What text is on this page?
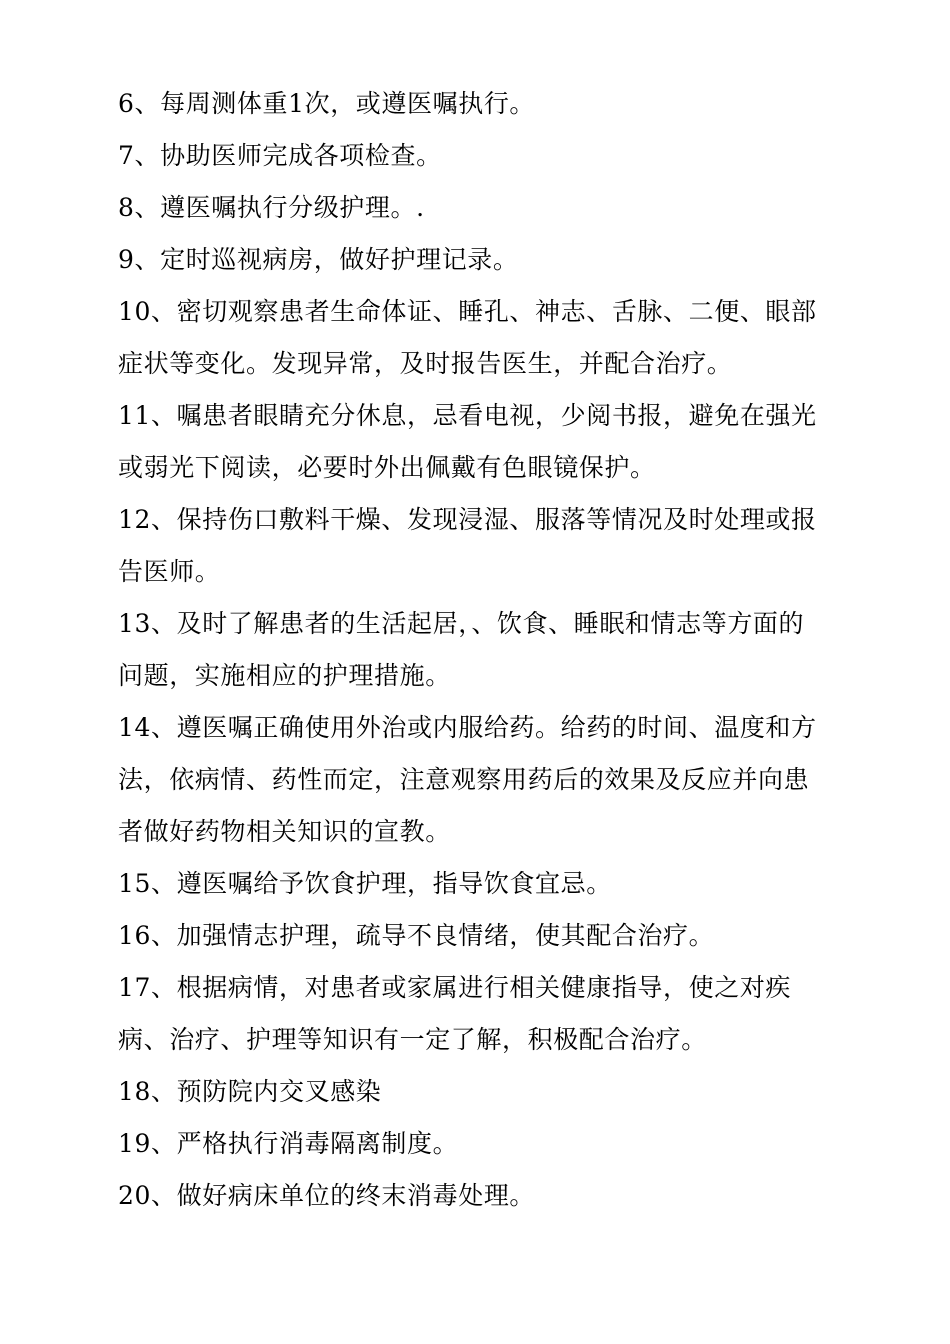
6、每周测体重1次，或遵医嘱执行。

7、协助医师完成各项检查。

8、遵医嘱执行分级护理。.

9、定时巡视病房，做好护理记录。

10、密切观察患者生命体证、睡孔、神志、舌脉、二便、眼部症状等变化。发现异常，及时报告医生，并配合治疗。

11、嘱患者眼睛充分休息，忌看电视，少阅书报，避免在强光或弱光下阅读，必要时外出佩戴有色眼镜保护。

12、保持伤口敷料干燥、发现浸湿、服落等情况及时处理或报告医师。

13、及时了解患者的生活起居，、饮食、睡眠和情志等方面的问题，实施相应的护理措施。

14、遵医嘱正确使用外治或内服给药。给药的时间、温度和方法，依病情、药性而定，注意观察用药后的效果及反应并向患者做好药物相关知识的宣教。

15、遵医嘱给予饮食护理，指导饮食宜忌。

16、加强情志护理，疏导不良情绪，使其配合治疗。

17、根据病情，对患者或家属进行相关健康指导，使之对疾病、治疗、护理等知识有一定了解，积极配合治疗。

18、预防院内交叉感染

19、严格执行消毒隔离制度。

20、做好病床单位的终末消毒处理。
